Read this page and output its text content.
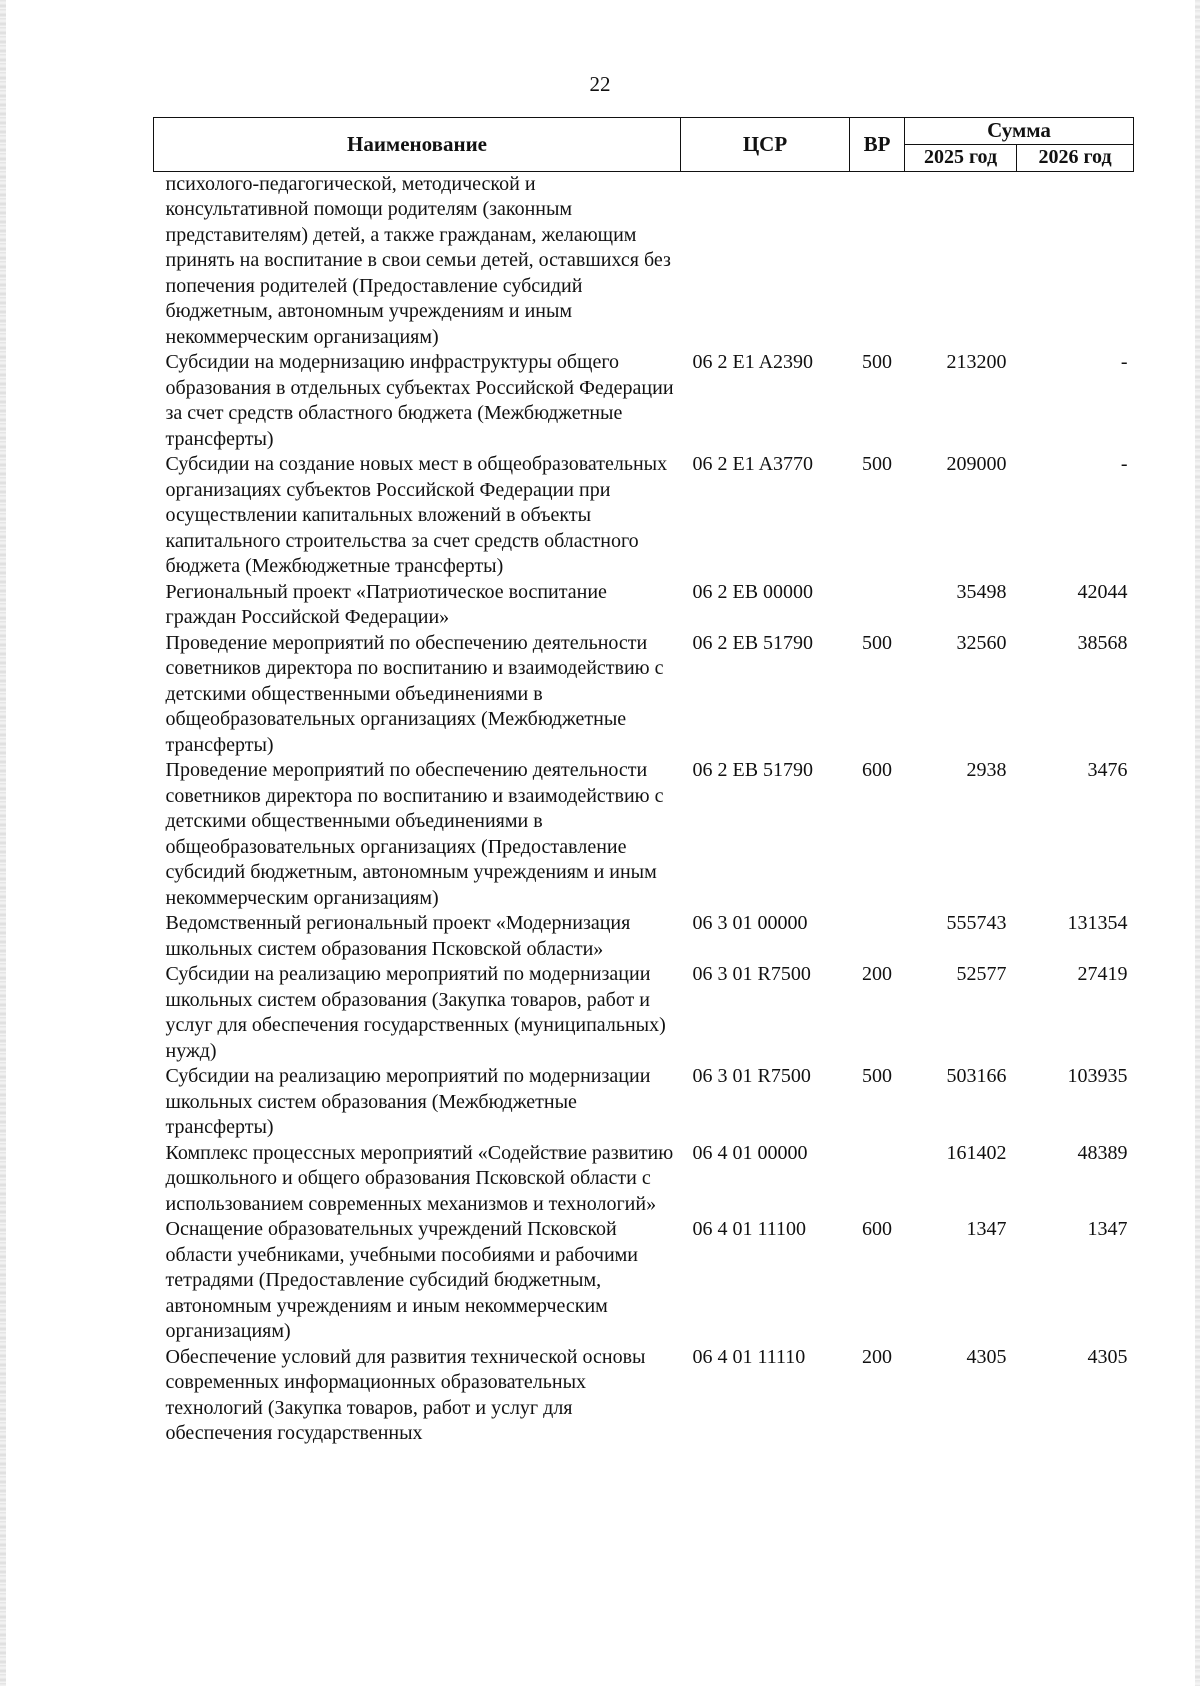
22
Наименование	ЦСР	ВР	Сумма	
			2025 год	2026 год
психолого-педагогической, методической и консультативной помощи родителям (законным представителям) детей, а также гражданам, желающим принять на воспитание в свои семьи детей, оставшихся без попечения родителей (Предоставление субсидий бюджетным, автономным учреждениям и иным некоммерческим организациям)				
Субсидии на модернизацию инфраструктуры общего образования в отдельных субъектах Российской Федерации за счет средств областного бюджета (Межбюджетные трансферты)	06 2 E1 A2390	500	213200	-
Субсидии на создание новых мест в общеобразовательных организациях субъектов Российской Федерации при осуществлении капитальных вложений в объекты капитального строительства за счет средств областного бюджета (Межбюджетные трансферты)	06 2 E1 A3770	500	209000	-
Региональный проект «Патриотическое воспитание граждан Российской Федерации»	06 2 EB 00000		35498	42044
Проведение мероприятий по обеспечению деятельности советников директора по воспитанию и взаимодействию с детскими общественными объединениями в общеобразовательных организациях (Межбюджетные трансферты)	06 2 EB 51790	500	32560	38568
Проведение мероприятий по обеспечению деятельности советников директора по воспитанию и взаимодействию с детскими общественными объединениями в общеобразовательных организациях (Предоставление субсидий бюджетным, автономным учреждениям и иным некоммерческим организациям)	06 2 EB 51790	600	2938	3476
Ведомственный региональный проект «Модернизация школьных систем образования Псковской области»	06 3 01 00000		555743	131354
Субсидии на реализацию мероприятий по модернизации школьных систем образования (Закупка товаров, работ и услуг для обеспечения государственных (муниципальных) нужд)	06 3 01 R7500	200	52577	27419
Субсидии на реализацию мероприятий по модернизации школьных систем образования (Межбюджетные трансферты)	06 3 01 R7500	500	503166	103935
Комплекс процессных мероприятий «Содействие развитию дошкольного и общего образования Псковской области с использованием современных механизмов и технологий»	06 4 01 00000		161402	48389
Оснащение образовательных учреждений Псковской области учебниками, учебными пособиями и рабочими тетрадями (Предоставление субсидий бюджетным, автономным учреждениям и иным некоммерческим организациям)	06 4 01 11100	600	1347	1347
Обеспечение условий для развития технической основы современных информационных образовательных технологий (Закупка товаров, работ и услуг для обеспечения государственных	06 4 01 11110	200	4305	4305
